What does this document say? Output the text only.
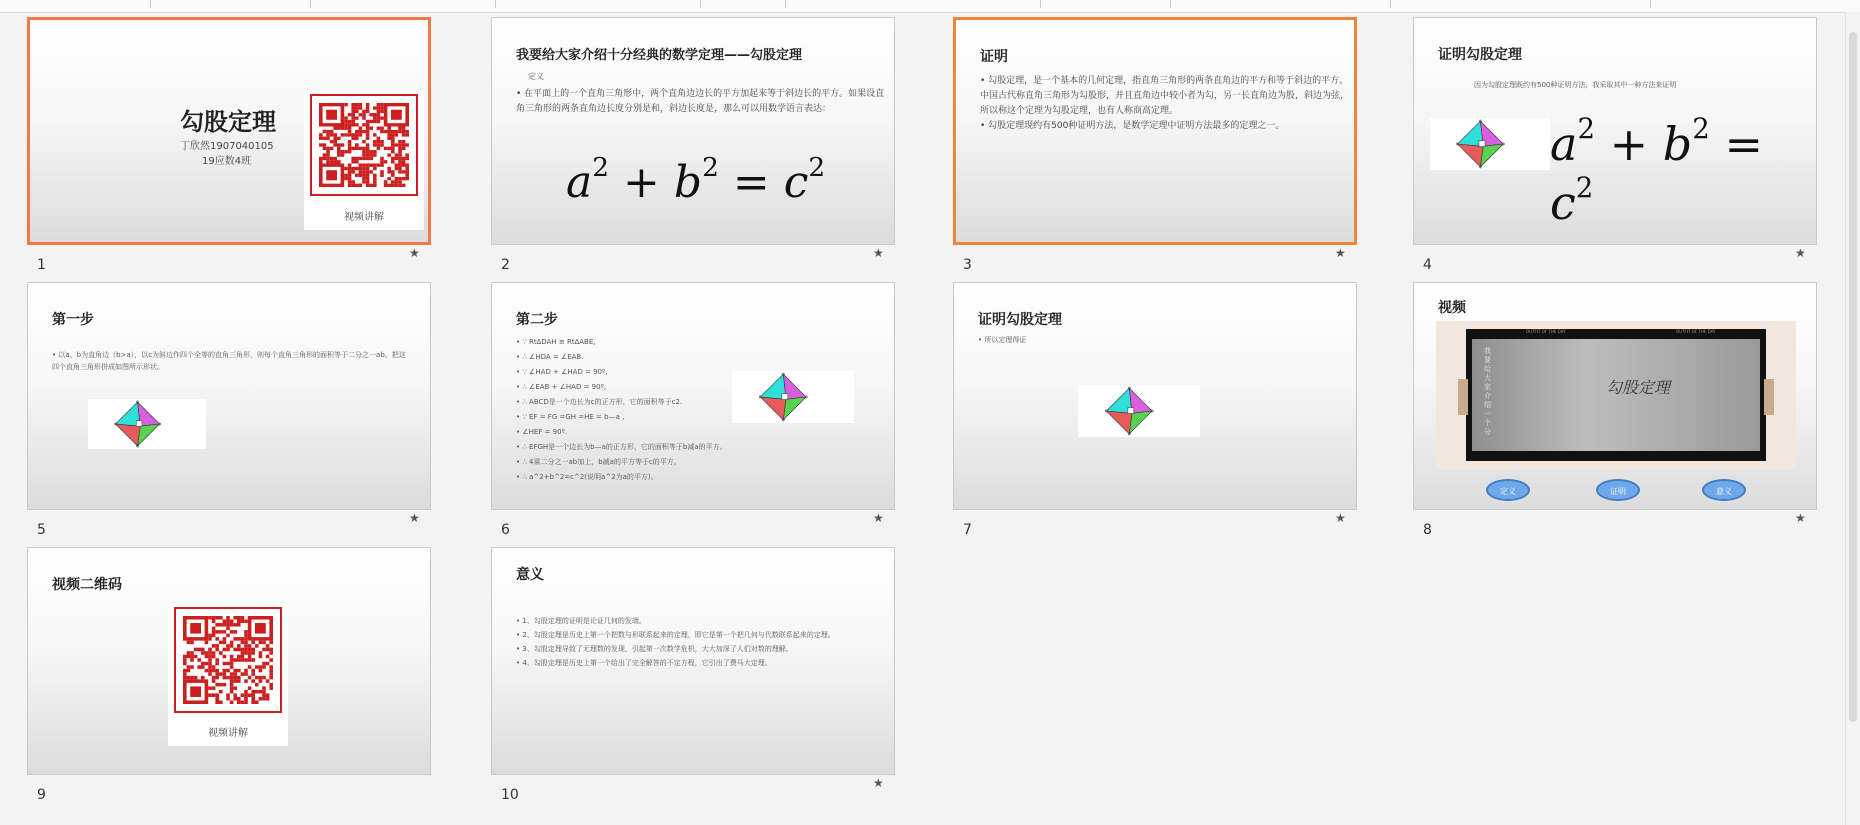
勾股定理
丁欣然1907040105
19应数4班
视频讲解
1
★
我要给大家介绍十分经典的数学定理——勾股定理
定义
• 在平面上的一个直角三角形中，两个直角边边长的平方加起来等于斜边长的平方。如果设直角三角形的两条直角边长度分别是和，斜边长度是，那么可以用数学语言表达：
$a^2 + b^2 = c^2$
2
★
证明
• 勾股定理，是一个基本的几何定理，指直角三角形的两条直角边的平方和等于斜边的平方。中国古代称直角三角形为勾股形，并且直角边中较小者为勾，另一长直角边为股，斜边为弦，所以称这个定理为勾股定理，也有人称商高定理。
• 勾股定理现约有500种证明方法，是数学定理中证明方法最多的定理之一。
3
★
证明勾股定理
因为勾股定理既约有500种证明方法，我采取其中一种方法来证明
$a^2 + b^2 = c^2$
4
★
第一步
• 以a、b为直角边（b>a），以c为斜边作四个全等的直角三角形，则每个直角三角形的面积等于二分之一ab。把这四个直角三角形拼成如图所示形状。
5
★
第二步
• ∵ Rt∆DAH ≌ Rt∆ABE,
• ∴ ∠HDA = ∠EAB.
• ∵ ∠HAD + ∠HAD = 90º,
• ∴ ∠EAB + ∠HAD = 90º,
• ∴ ABCD是一个边长为c的正方形，它的面积等于c2.
• ∵ EF = FG =GH =HE = b—a ,
• ∠HEF = 90º.
• ∴ EFGH是一个边长为b—a的正方形，它的面积等于b减a的平方。
• ∴ 4乘二分之一ab加上，b减a的平方等于c的平方。
• ∴ a^2+b^2=c^2(说明a^2为a的平方)。
6
★
证明勾股定理
• 所以定理得证
7
★
视频
OUTFIT OF THE DAY	OUTFIT OF THE DAY
勾股定理
我要给大家介绍一个分
定义	证明	意义
8
★
视频二维码
视频讲解
9
意义
• 1、勾股定理的证明是论证几何的发端。
• 2、勾股定理是历史上第一个把数与形联系起来的定理，即它是第一个把几何与代数联系起来的定理。
• 3、勾股定理导致了无理数的发现，引起第一次数学危机，大大加深了人们对数的理解。
• 4、勾股定理是历史上第一个给出了完全解答的不定方程，它引出了费马大定理。
10
★
